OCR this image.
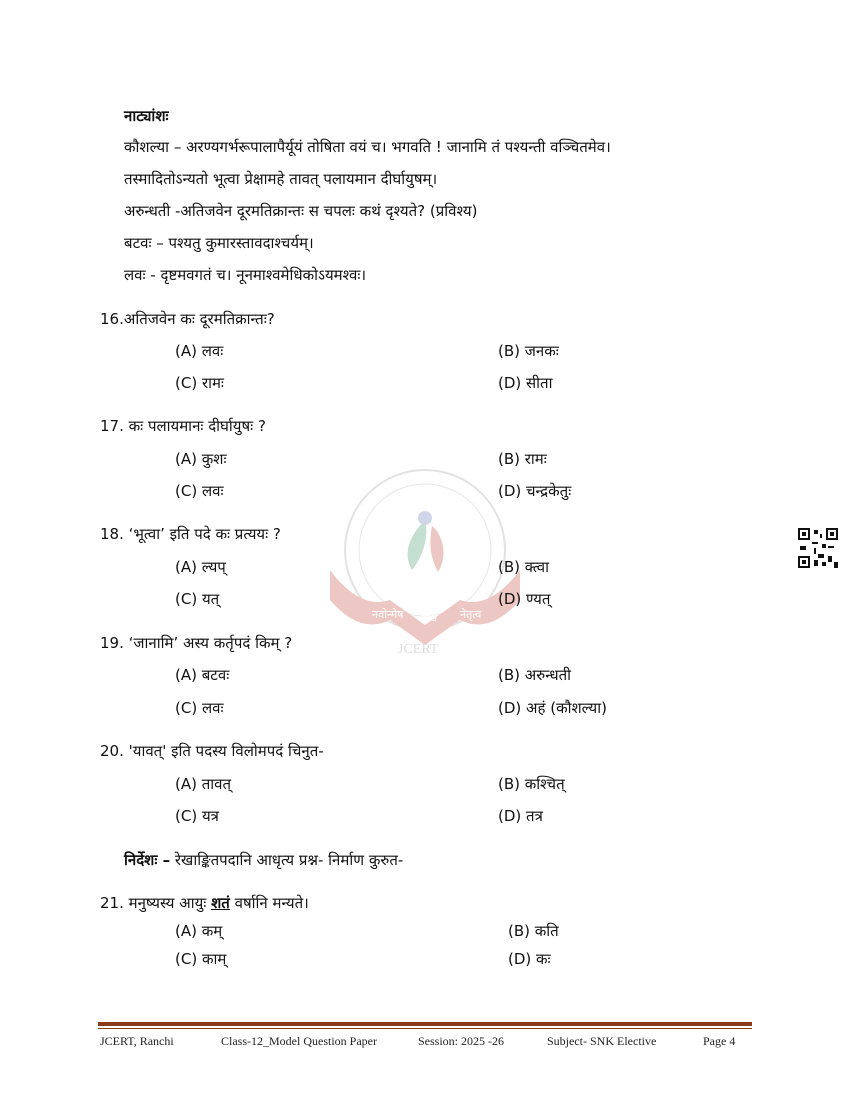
नाट्यांशः
कौशल्या – अरण्यगर्भरूपालापैर्यूयं तोषिता वयं च। भगवति ! जानामि तं पश्यन्ती वञ्चितमेव।
तस्मादितोऽन्यतो भूत्वा प्रेक्षामहे तावत् पलायमान दीर्घायुषम्।
अरुन्धती -अतिजवेन दूरमतिक्रान्तः स चपलः कथं दृश्यते? (प्रविश्य)
बटवः – पश्यतु कुमारस्तावदाश्चर्यम्।
लवः - दृष्टमवगतं च। नूनमाश्वमेधिकोऽयमश्वः।
नवोन्मेष शोध नेतृत्व
JCERT
16.अतिजवेन कः दूरमतिक्रान्तः?
(A) लवः	(B) जनकः
(C) रामः	(D) सीता
17. कः पलायमानः दीर्घायुषः ?
(A) कुशः	(B) रामः
(C) लवः	(D) चन्द्रकेतुः
18. ‘भूत्वा’ इति पदे कः प्रत्ययः ?
(A) ल्यप्	(B) क्त्वा
(C) यत्	(D) ण्यत्
19. ‘जानामि’ अस्य कर्तृपदं किम् ?
(A) बटवः	(B) अरुन्धती
(C) लवः	(D) अहं (कौशल्या)
20. 'यावत्' इति पदस्य विलोमपदं चिनुत-
(A) तावत्	(B) कश्चित्
(C) यत्र	(D) तत्र
निर्देशः – रेखाङ्कितपदानि आधृत्य प्रश्न- निर्माण कुरुत-
21. मनुष्यस्य आयुः शतं वर्षानि मन्यते।
(A) कम्	(B) कति
(C) काम्	(D) कः
JCERT, Ranchi	Class-12_Model Question Paper	Session: 2025 -26	Subject- SNK Elective	Page 4
